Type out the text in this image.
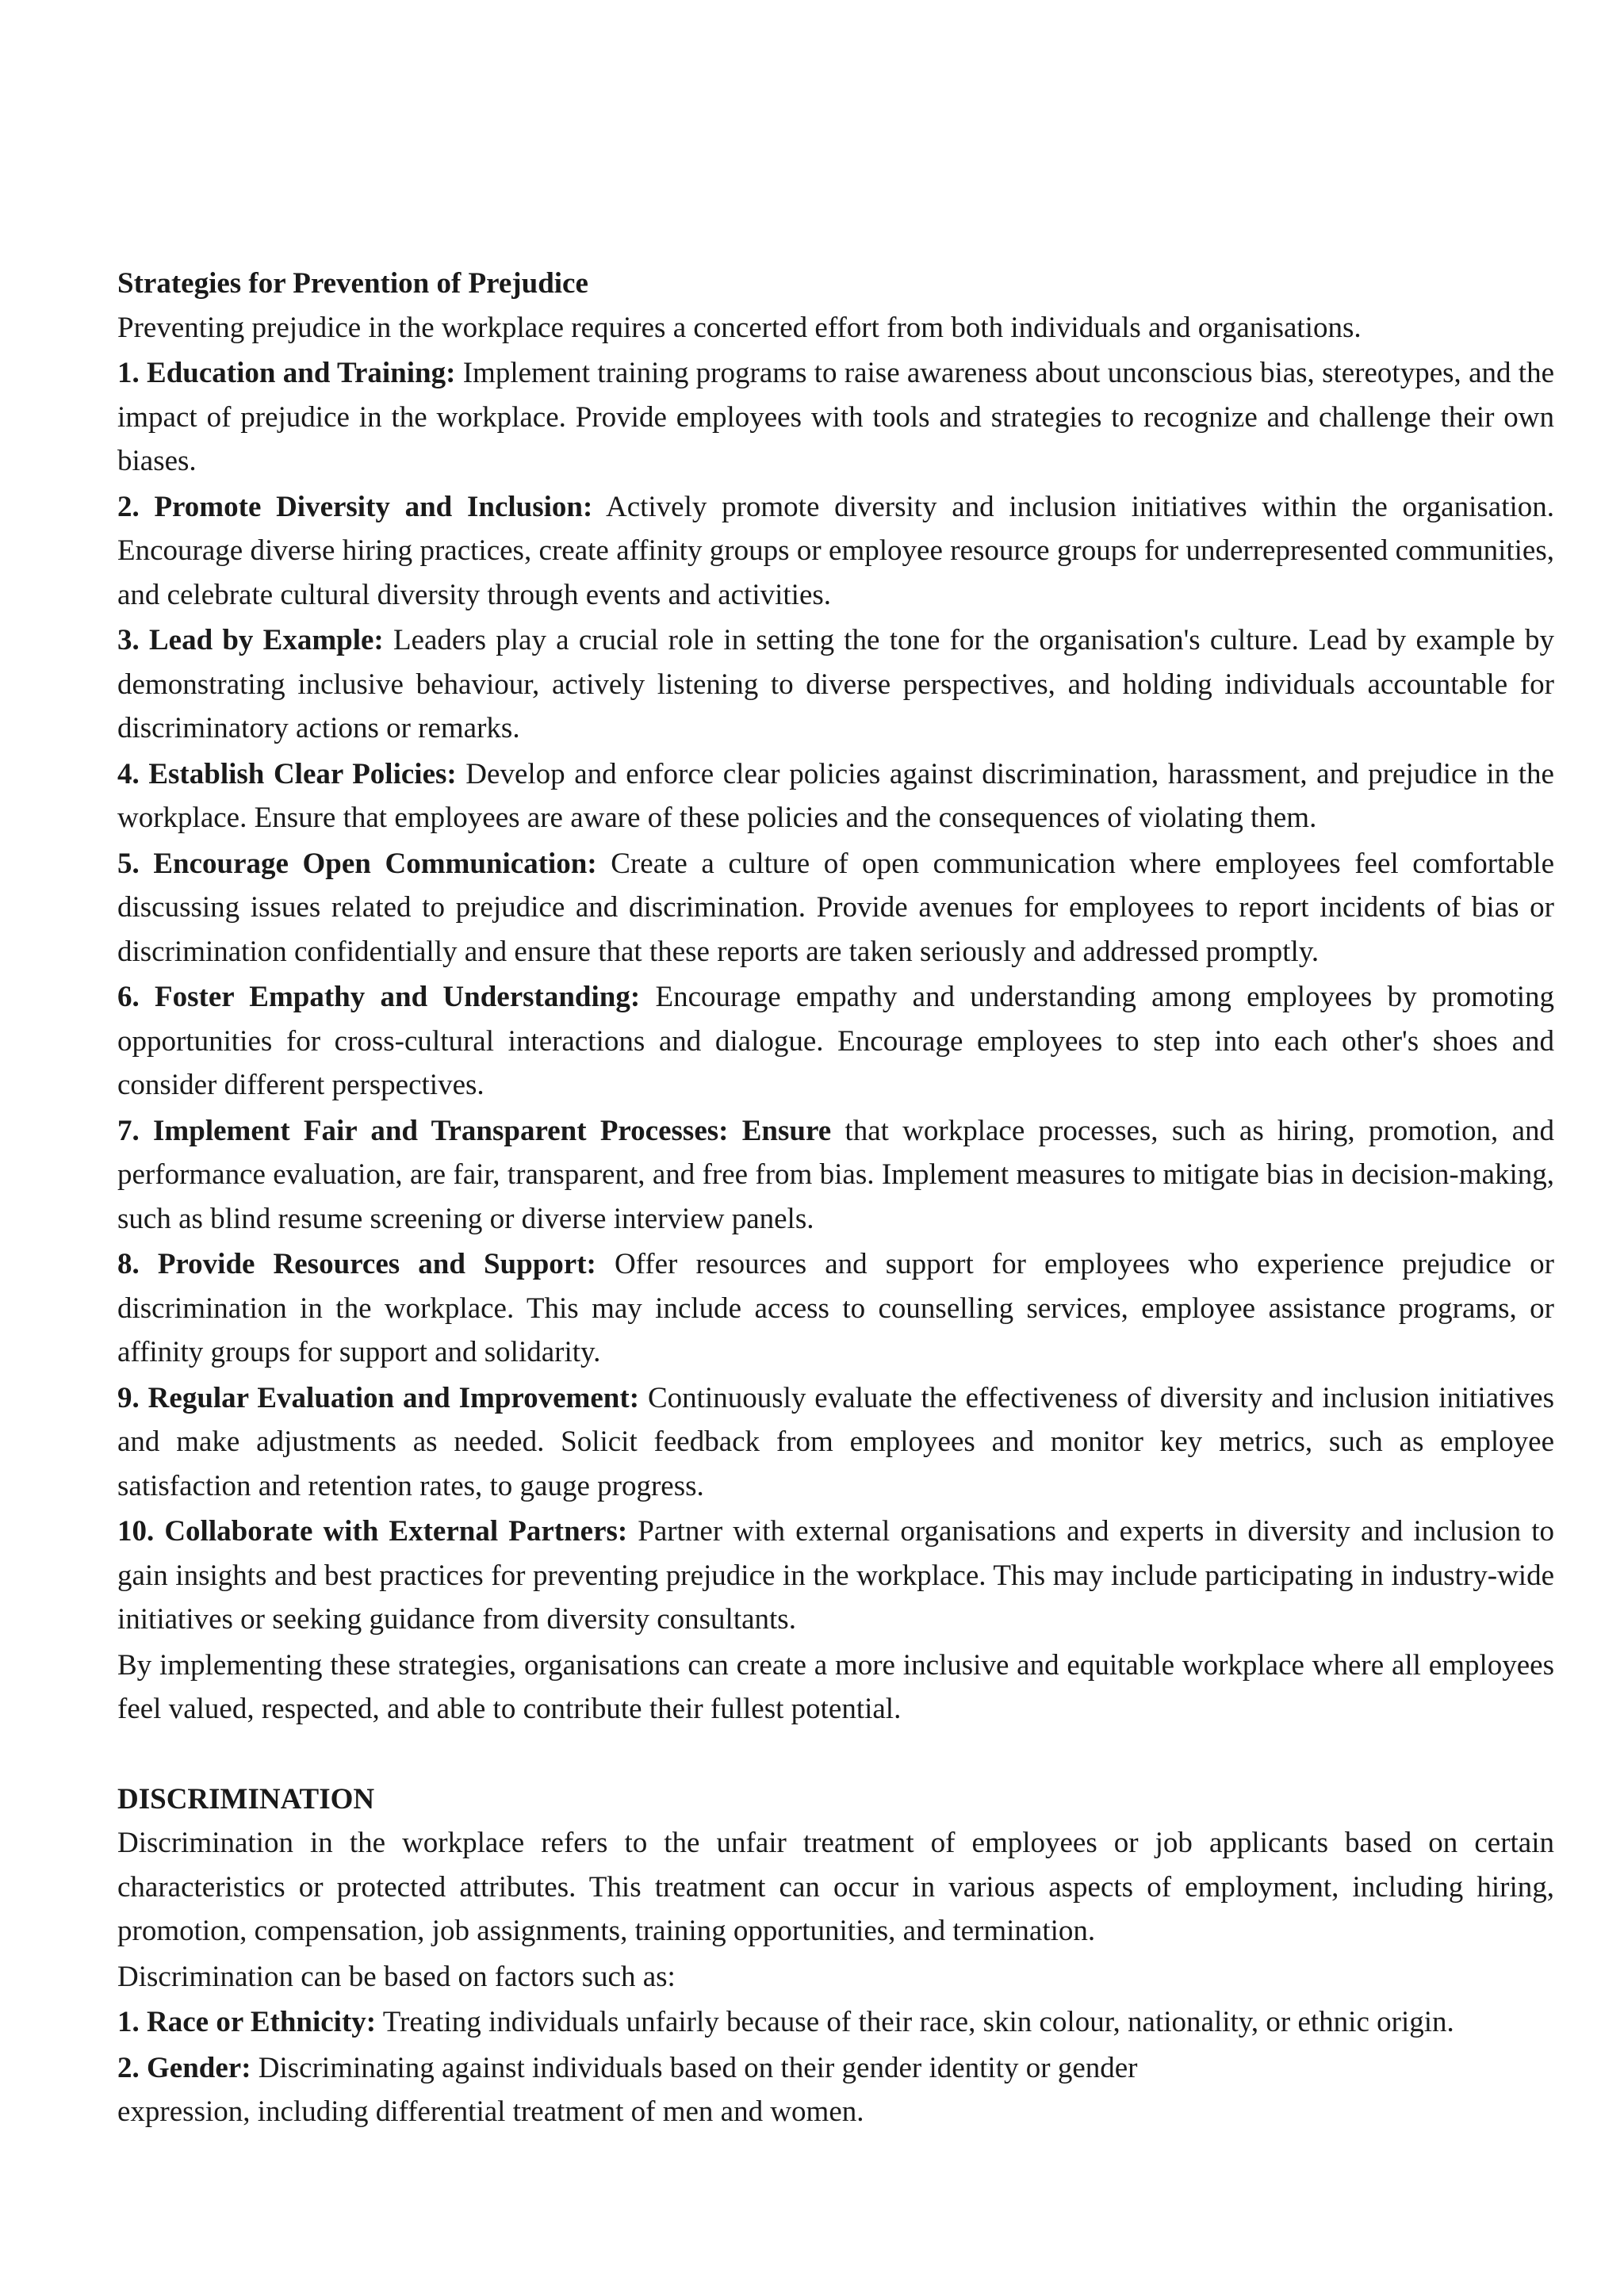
Strategies for Prevention of Prejudice

Preventing prejudice in the workplace requires a concerted effort from both individuals and organisations.

1. Education and Training: Implement training programs to raise awareness about unconscious bias, stereotypes, and the impact of prejudice in the workplace. Provide employees with tools and strategies to recognize and challenge their own biases.

2. Promote Diversity and Inclusion: Actively promote diversity and inclusion initiatives within the organisation. Encourage diverse hiring practices, create affinity groups or employee resource groups for underrepresented communities, and celebrate cultural diversity through events and activities.

3. Lead by Example: Leaders play a crucial role in setting the tone for the organisation's culture. Lead by example by demonstrating inclusive behaviour, actively listening to diverse perspectives, and holding individuals accountable for discriminatory actions or remarks.

4. Establish Clear Policies: Develop and enforce clear policies against discrimination, harassment, and prejudice in the workplace. Ensure that employees are aware of these policies and the consequences of violating them.

5. Encourage Open Communication: Create a culture of open communication where employees feel comfortable discussing issues related to prejudice and discrimination. Provide avenues for employees to report incidents of bias or discrimination confidentially and ensure that these reports are taken seriously and addressed promptly.

6. Foster Empathy and Understanding: Encourage empathy and understanding among employees by promoting opportunities for cross-cultural interactions and dialogue. Encourage employees to step into each other's shoes and consider different perspectives.

7. Implement Fair and Transparent Processes: Ensure that workplace processes, such as hiring, promotion, and performance evaluation, are fair, transparent, and free from bias. Implement measures to mitigate bias in decision-making, such as blind resume screening or diverse interview panels.

8. Provide Resources and Support: Offer resources and support for employees who experience prejudice or discrimination in the workplace. This may include access to counselling services, employee assistance programs, or affinity groups for support and solidarity.

9. Regular Evaluation and Improvement: Continuously evaluate the effectiveness of diversity and inclusion initiatives and make adjustments as needed. Solicit feedback from employees and monitor key metrics, such as employee satisfaction and retention rates, to gauge progress.

10. Collaborate with External Partners: Partner with external organisations and experts in diversity and inclusion to gain insights and best practices for preventing prejudice in the workplace. This may include participating in industry-wide initiatives or seeking guidance from diversity consultants.

By implementing these strategies, organisations can create a more inclusive and equitable workplace where all employees feel valued, respected, and able to contribute their fullest potential.

DISCRIMINATION

Discrimination in the workplace refers to the unfair treatment of employees or job applicants based on certain characteristics or protected attributes. This treatment can occur in various aspects of employment, including hiring, promotion, compensation, job assignments, training opportunities, and termination.

Discrimination can be based on factors such as:

1. Race or Ethnicity: Treating individuals unfairly because of their race, skin colour, nationality, or ethnic origin.

2. Gender: Discriminating against individuals based on their gender identity or gender
expression, including differential treatment of men and women.
